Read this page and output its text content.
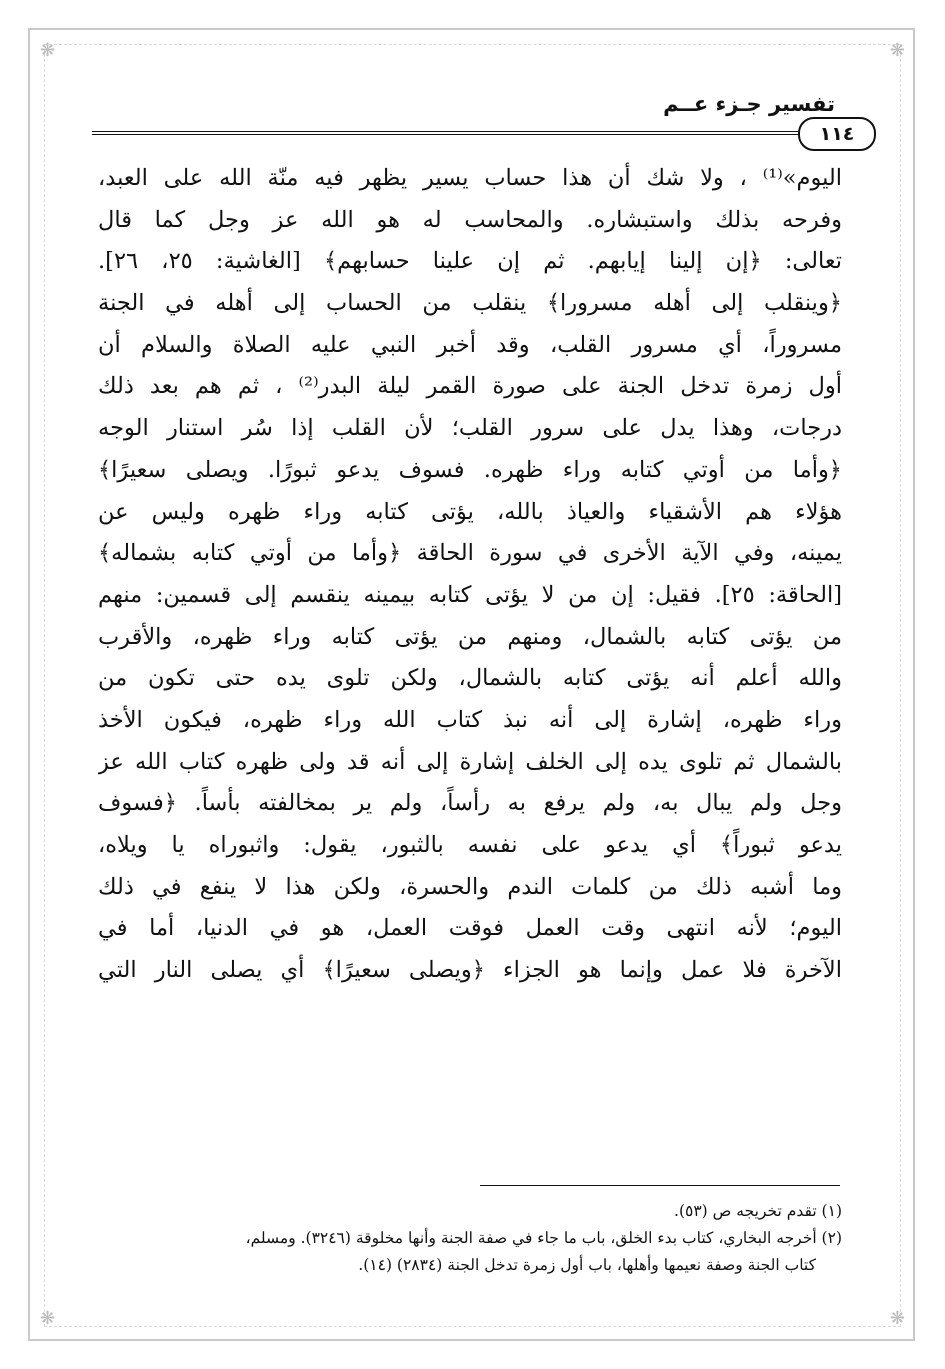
❋	❋
❋	❋
تفسير جـزء عــم
١١٤
اليوم»⁽¹⁾ ، ولا شك أن هذا حساب يسير يظهر فيه منّة الله على العبد،
وفرحه بذلك واستبشاره. والمحاسب له هو الله عز وجل كما قال
تعالى: ﴿إن إلينا إيابهم. ثم إن علينا حسابهم﴾ [الغاشية: ٢٥، ٢٦].
﴿وينقلب إلى أهله مسرورا﴾ ينقلب من الحساب إلى أهله في الجنة
مسروراً، أي مسرور القلب، وقد أخبر النبي عليه الصلاة والسلام أن
أول زمرة تدخل الجنة على صورة القمر ليلة البدر⁽²⁾ ، ثم هم بعد ذلك
درجات، وهذا يدل على سرور القلب؛ لأن القلب إذا سُر استنار الوجه
﴿وأما من أوتي كتابه وراء ظهره. فسوف يدعو ثبورًا. ويصلى سعيرًا﴾
هؤلاء هم الأشقياء والعياذ بالله، يؤتى كتابه وراء ظهره وليس عن
يمينه، وفي الآية الأخرى في سورة الحاقة ﴿وأما من أوتي كتابه بشماله﴾
[الحاقة: ٢٥]. فقيل: إن من لا يؤتى كتابه بيمينه ينقسم إلى قسمين: منهم
من يؤتى كتابه بالشمال، ومنهم من يؤتى كتابه وراء ظهره، والأقرب
والله أعلم أنه يؤتى كتابه بالشمال، ولكن تلوى يده حتى تكون من
وراء ظهره، إشارة إلى أنه نبذ كتاب الله وراء ظهره، فيكون الأخذ
بالشمال ثم تلوى يده إلى الخلف إشارة إلى أنه قد ولى ظهره كتاب الله عز
وجل ولم يبال به، ولم يرفع به رأساً، ولم ير بمخالفته بأساً. ﴿فسوف
يدعو ثبوراً﴾ أي يدعو على نفسه بالثبور، يقول: واثبوراه يا ويلاه،
وما أشبه ذلك من كلمات الندم والحسرة، ولكن هذا لا ينفع في ذلك
اليوم؛ لأنه انتهى وقت العمل فوقت العمل، هو في الدنيا، أما في
الآخرة فلا عمل وإنما هو الجزاء ﴿ويصلى سعيرًا﴾ أي يصلى النار التي
(١) تقدم تخريجه ص (٥٣).
(٢) أخرجه البخاري، كتاب بدء الخلق، باب ما جاء في صفة الجنة وأنها مخلوقة (٣٢٤٦). ومسلم،
كتاب الجنة وصفة نعيمها وأهلها، باب أول زمرة تدخل الجنة (٢٨٣٤) (١٤).
